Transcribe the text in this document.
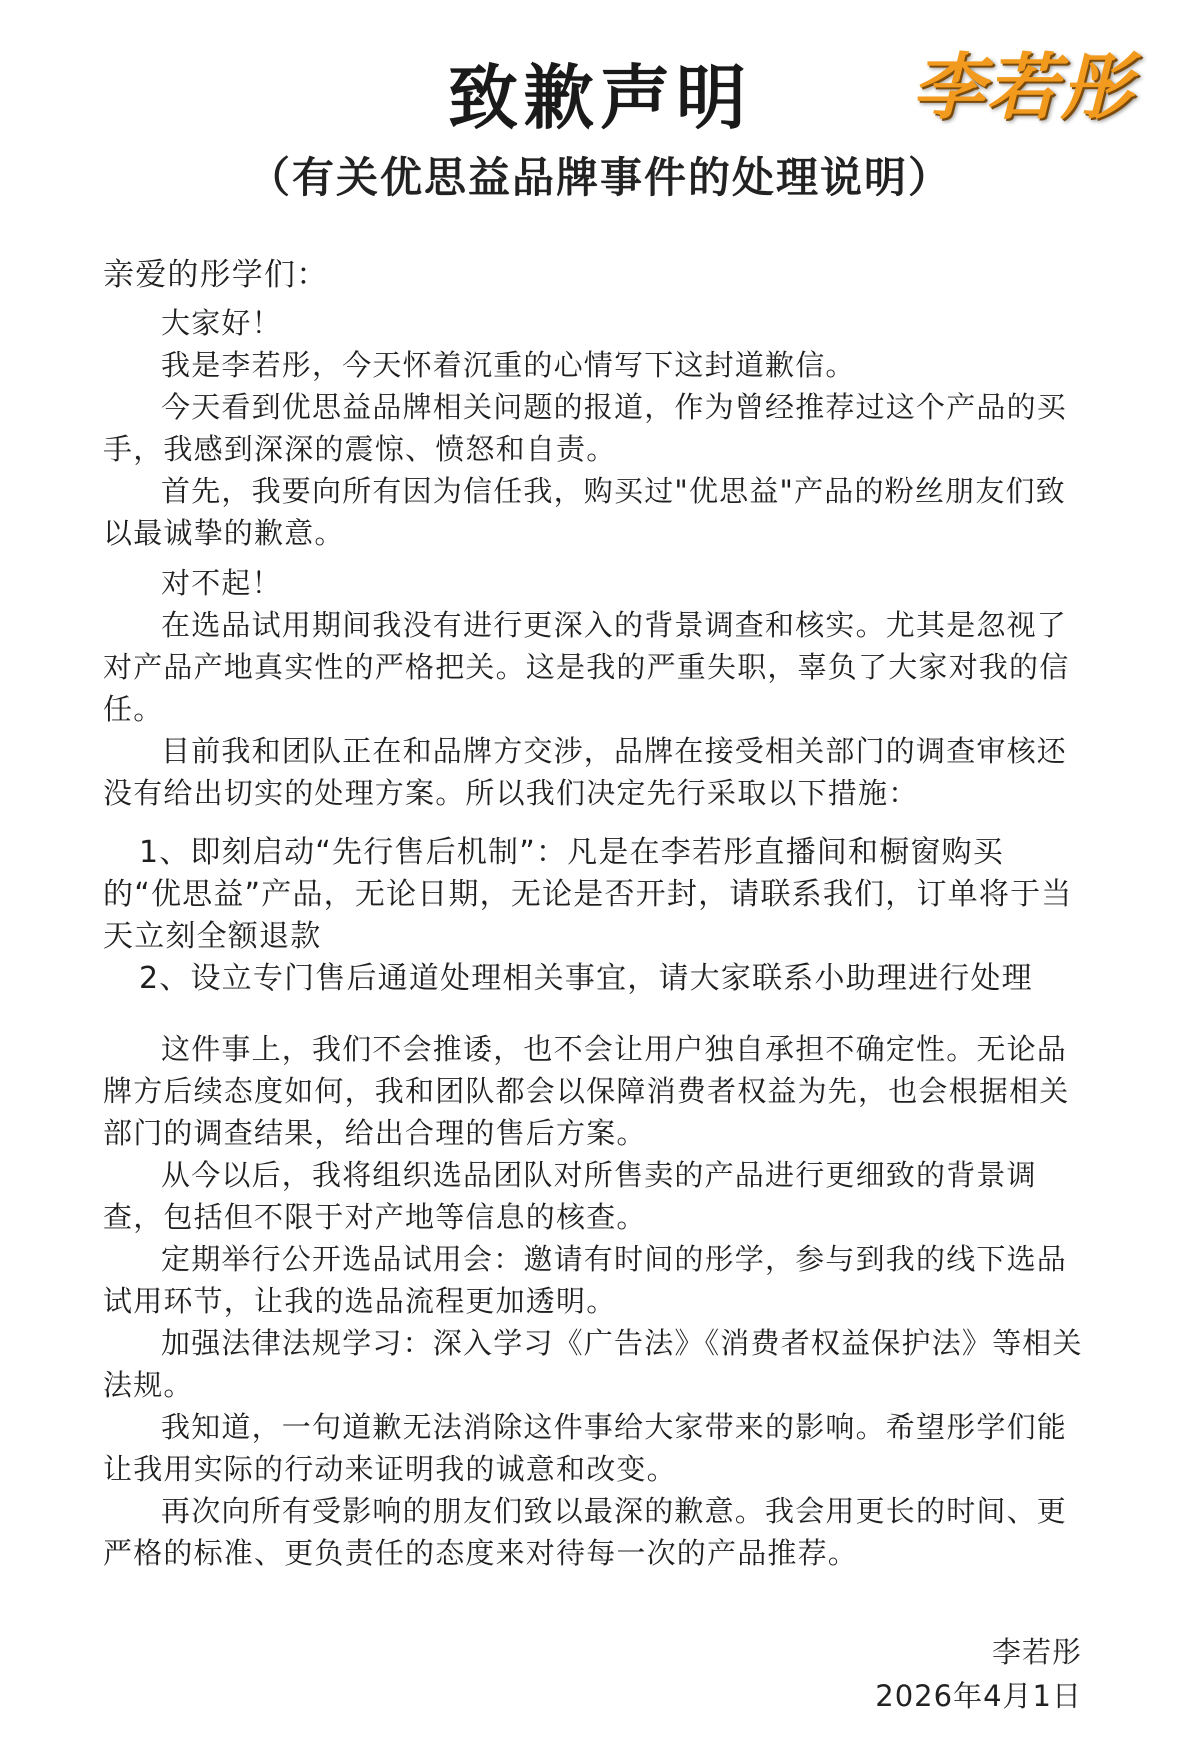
致歉声明	李若彤
（有关优思益品牌事件的处理说明）

亲爱的彤学们：

大家好！

我是李若彤，今天怀着沉重的心情写下这封道歉信。

今天看到优思益品牌相关问题的报道，作为曾经推荐过这个产品的买手，我感到深深的震惊、愤怒和自责。

首先，我要向所有因为信任我，购买过"优思益"产品的粉丝朋友们致以最诚挚的歉意。

对不起！

在选品试用期间我没有进行更深入的背景调查和核实。尤其是忽视了对产品产地真实性的严格把关。这是我的严重失职，辜负了大家对我的信任。

目前我和团队正在和品牌方交涉，品牌在接受相关部门的调查审核还没有给出切实的处理方案。所以我们决定先行采取以下措施：

1、即刻启动“先行售后机制”：凡是在李若彤直播间和橱窗购买的“优思益”产品，无论日期，无论是否开封，请联系我们，订单将于当天立刻全额退款

2、设立专门售后通道处理相关事宜，请大家联系小助理进行处理

这件事上，我们不会推诿，也不会让用户独自承担不确定性。无论品牌方后续态度如何，我和团队都会以保障消费者权益为先，也会根据相关部门的调查结果，给出合理的售后方案。

从今以后，我将组织选品团队对所售卖的产品进行更细致的背景调查，包括但不限于对产地等信息的核查。

定期举行公开选品试用会：邀请有时间的彤学，参与到我的线下选品试用环节，让我的选品流程更加透明。

加强法律法规学习：深入学习《广告法》《消费者权益保护法》等相关法规。

我知道，一句道歉无法消除这件事给大家带来的影响。希望彤学们能让我用实际的行动来证明我的诚意和改变。

再次向所有受影响的朋友们致以最深的歉意。我会用更长的时间、更严格的标准、更负责任的态度来对待每一次的产品推荐。

李若彤
2026年4月1日
